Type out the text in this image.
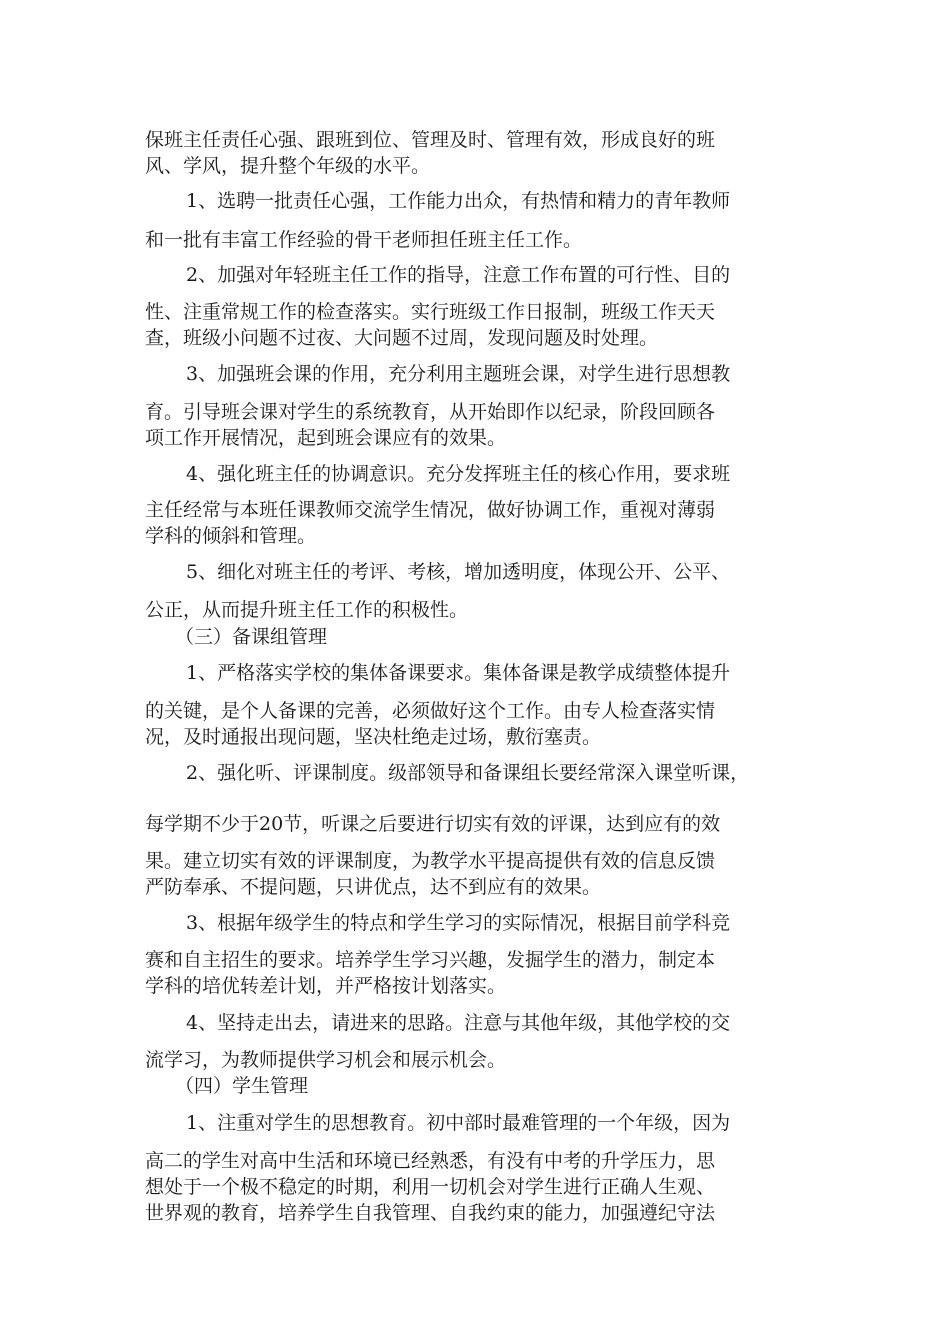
保班主任责任心强、跟班到位、管理及时、管理有效，形成良好的班
风、学风，提升整个年级的水平。
1、选聘一批责任心强，工作能力出众，有热情和精力的青年教师
和一批有丰富工作经验的骨干老师担任班主任工作。
2、加强对年轻班主任工作的指导，注意工作布置的可行性、目的
性、注重常规工作的检查落实。实行班级工作日报制，班级工作天天
查，班级小问题不过夜、大问题不过周，发现问题及时处理。
3、加强班会课的作用，充分利用主题班会课，对学生进行思想教
育。引导班会课对学生的系统教育，从开始即作以纪录，阶段回顾各
项工作开展情况，起到班会课应有的效果。
4、强化班主任的协调意识。充分发挥班主任的核心作用，要求班
主任经常与本班任课教师交流学生情况，做好协调工作，重视对薄弱
学科的倾斜和管理。
5、细化对班主任的考评、考核，增加透明度，体现公开、公平、
公正，从而提升班主任工作的积极性。
（三）备课组管理
1、严格落实学校的集体备课要求。集体备课是教学成绩整体提升
的关键，是个人备课的完善，必须做好这个工作。由专人检查落实情
况，及时通报出现问题，坚决杜绝走过场，敷衍塞责。
2、强化听、评课制度。级部领导和备课组长要经常深入课堂听课，
每学期不少于20节，听课之后要进行切实有效的评课，达到应有的效
果。建立切实有效的评课制度，为教学水平提高提供有效的信息反馈
严防奉承、不提问题，只讲优点，达不到应有的效果。
3、根据年级学生的特点和学生学习的实际情况，根据目前学科竞
赛和自主招生的要求。培养学生学习兴趣，发掘学生的潜力，制定本
学科的培优转差计划，并严格按计划落实。
4、坚持走出去，请进来的思路。注意与其他年级，其他学校的交
流学习，为教师提供学习机会和展示机会。
（四）学生管理
1、注重对学生的思想教育。初中部时最难管理的一个年级，因为
高二的学生对高中生活和环境已经熟悉，有没有中考的升学压力，思
想处于一个极不稳定的时期，利用一切机会对学生进行正确人生观、
世界观的教育，培养学生自我管理、自我约束的能力，加强遵纪守法
